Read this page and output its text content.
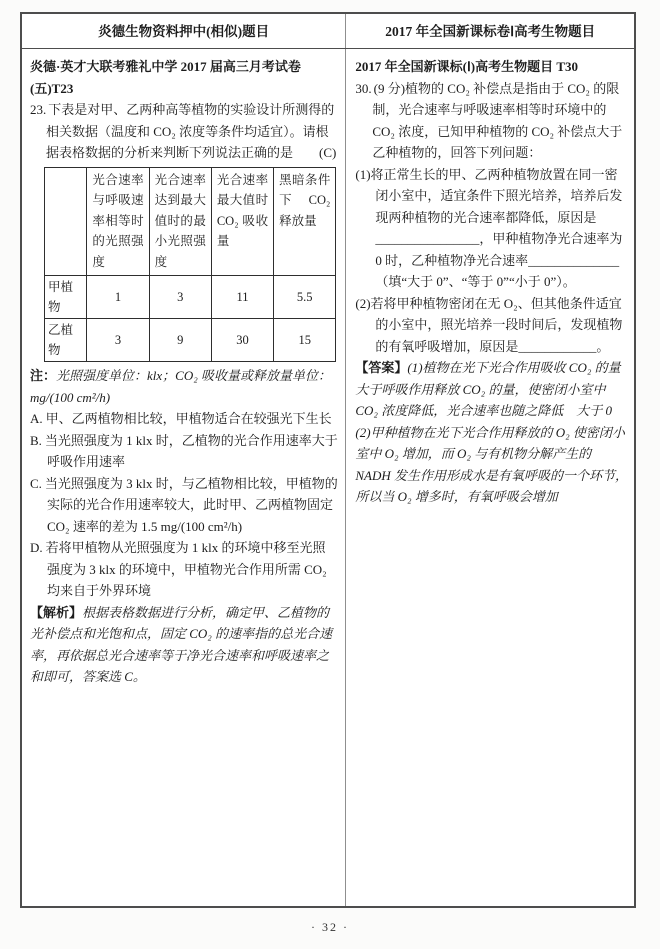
炎德生物资料押中(相似)题目	2017 年全国新课标卷Ⅰ高考生物题目

炎德·英才大联考雅礼中学 2017 届高三月考试卷(五)T23

23. 下表是对甲、乙两种高等植物的实验设计所测得的相关数据（温度和 CO₂ 浓度等条件均适宜）。请根据表格数据的分析来判断下列说法正确的是 (C)

	光合速率与呼吸速率相等时的光照强度	光合速率达到最大值时的最小光照强度	光合速率最大值时 CO₂ 吸收量	黑暗条件下 CO₂ 释放量
甲植物	1	3	11	5.5
乙植物	3	9	30	15

注：光照强度单位：klx；CO₂ 吸收量或释放量单位：mg/(100 cm²/h)

A. 甲、乙两植物相比较，甲植物适合在较强光下生长

B. 当光照强度为 1 klx 时，乙植物的光合作用速率大于呼吸作用速率

C. 当光照强度为 3 klx 时，与乙植物相比较，甲植物的实际的光合作用速率较大，此时甲、乙两植物固定 CO₂ 速率的差为 1.5 mg/(100 cm²/h)

D. 若将甲植物从光照强度为 1 klx 的环境中移至光照强度为 3 klx 的环境中，甲植物光合作用所需 CO₂ 均来自于外界环境

【解析】根据表格数据进行分析，确定甲、乙植物的光补偿点和光饱和点，固定 CO₂ 的速率指的总光合速率，再依据总光合速率等于净光合速率和呼吸速率之和即可，答案选 C。

2017 年全国新课标(Ⅰ)高考生物题目 T30

30. (9 分)植物的 CO₂ 补偿点是指由于 CO₂ 的限制，光合速率与呼吸速率相等时环境中的 CO₂ 浓度，已知甲种植物的 CO₂ 补偿点大于乙种植物的，回答下列问题：

(1)将正常生长的甲、乙两种植物放置在同一密闭小室中，适宜条件下照光培养，培养后发现两种植物的光合速率都降低，原因是________________，甲种植物净光合速率为 0 时，乙种植物净光合速率______________（填“大于 0”、“等于 0”“小于 0”）。

(2)若将甲种植物密闭在无 O₂、但其他条件适宜的小室中，照光培养一段时间后，发现植物的有氧呼吸增加，原因是____________。

【答案】(1)植物在光下光合作用吸收 CO₂ 的量大于呼吸作用释放 CO₂ 的量，使密闭小室中 CO₂ 浓度降低，光合速率也随之降低　大于 0　(2)甲种植物在光下光合作用释放的 O₂ 使密闭小室中 O₂ 增加，而 O₂ 与有机物分解产生的 NADH 发生作用形成水是有氧呼吸的一个环节，所以当 O₂ 增多时，有氧呼吸会增加

· 32 ·
